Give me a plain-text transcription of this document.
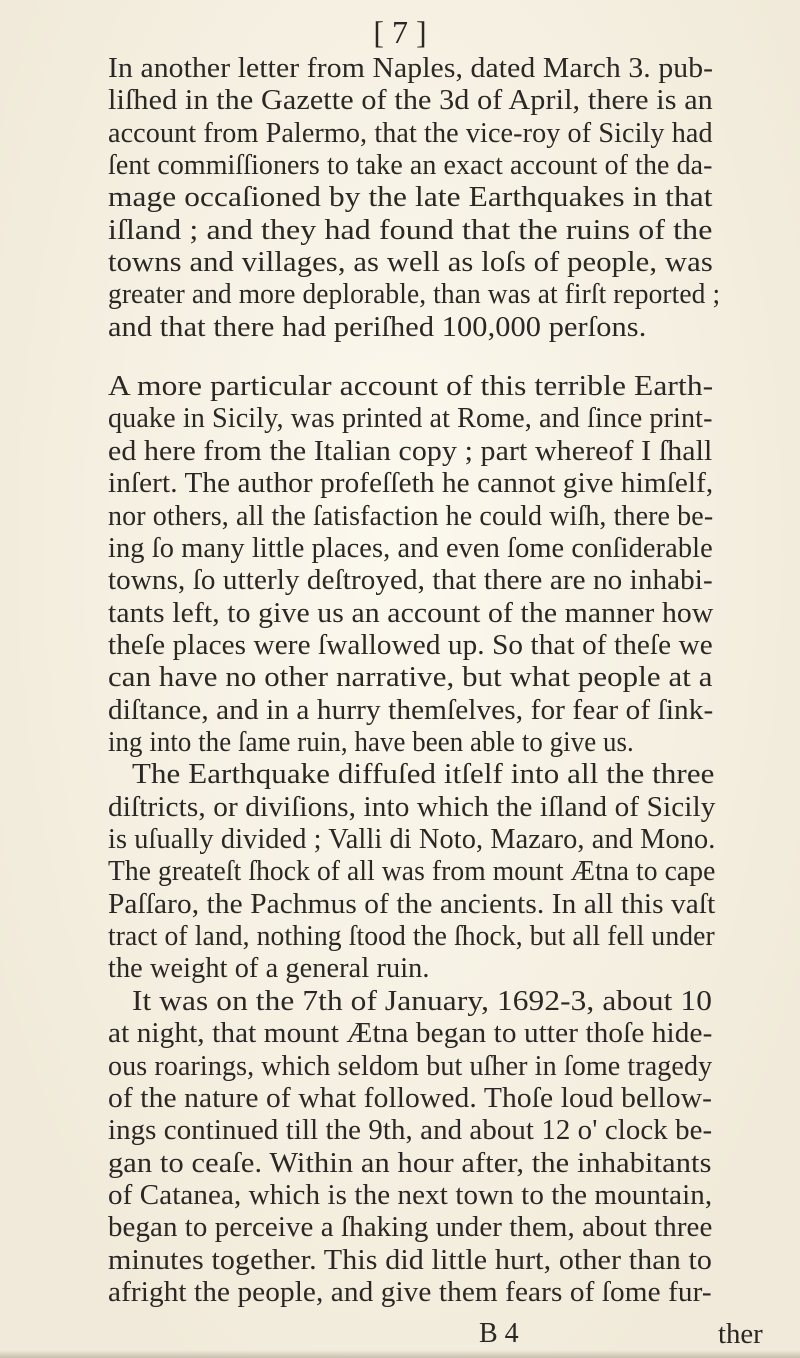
[ 7 ]
In another letter from Naples, dated March 3. pub-
liſhed in the Gazette of the 3d of April, there is an
account from Palermo, that the vice-roy of Sicily had
ſent commiſſioners to take an exact account of the da-
mage occaſioned by the late Earthquakes in that
iſland ; and they had found that the ruins of the
towns and villages, as well as loſs of people, was
greater and more deplorable, than was at firſt reported ;
and that there had periſhed 100,000 perſons.
A more particular account of this terrible Earth-
quake in Sicily, was printed at Rome, and ſince print-
ed here from the Italian copy ; part whereof I ſhall
inſert. The author profeſſeth he cannot give himſelf,
nor others, all the ſatisfaction he could wiſh, there be-
ing ſo many little places, and even ſome conſiderable
towns, ſo utterly deſtroyed, that there are no inhabi-
tants left, to give us an account of the manner how
theſe places were ſwallowed up. So that of theſe we
can have no other narrative, but what people at a
diſtance, and in a hurry themſelves, for fear of ſink-
ing into the ſame ruin, have been able to give us.
The Earthquake diffuſed itſelf into all the three
diſtricts, or diviſions, into which the iſland of Sicily
is uſually divided ; Valli di Noto, Mazaro, and Mono.
The greateſt ſhock of all was from mount Ætna to cape
Paſſaro, the Pachmus of the ancients. In all this vaſt
tract of land, nothing ſtood the ſhock, but all fell under
the weight of a general ruin.
It was on the 7th of January, 1692-3, about 10
at night, that mount Ætna began to utter thoſe hide-
ous roarings, which seldom but uſher in ſome tragedy
of the nature of what followed. Thoſe loud bellow-
ings continued till the 9th, and about 12 o' clock be-
gan to ceaſe. Within an hour after, the inhabitants
of Catanea, which is the next town to the mountain,
began to perceive a ſhaking under them, about three
minutes together. This did little hurt, other than to
afright the people, and give them fears of ſome fur-
B 4	ther
